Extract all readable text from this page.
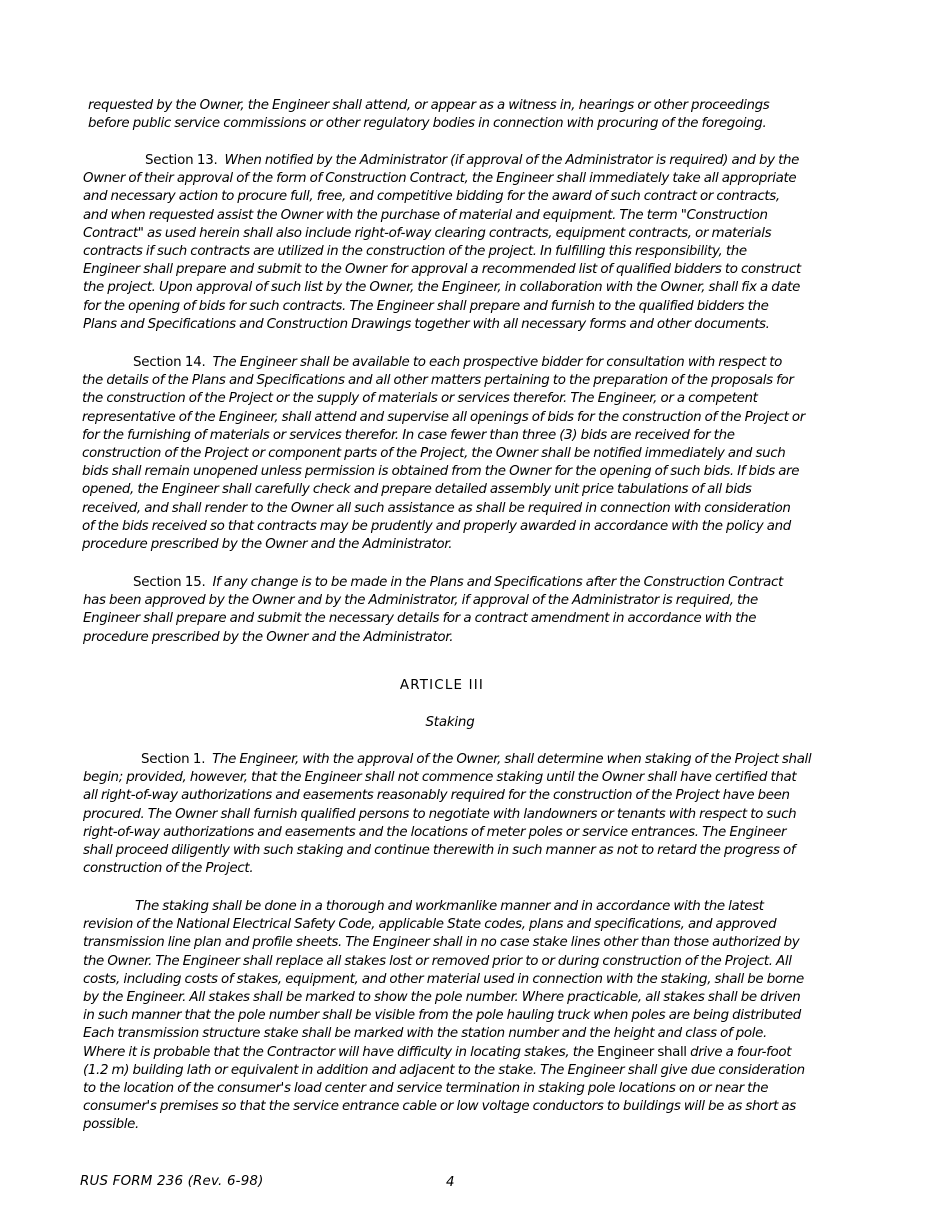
requested by the Owner, the Engineer shall attend, or appear as a witness in, hearings or other proceedings before public service commissions or other regulatory bodies in connection with procuring of the foregoing.

Section 13. When notified by the Administrator (if approval of the Administrator is required) and by the Owner of their approval of the form of Construction Contract, the Engineer shall immediately take all appropriate and necessary action to procure full, free, and competitive bidding for the award of such contract or contracts, and when requested assist the Owner with the purchase of material and equipment. The term "Construction Contract" as used herein shall also include right-of-way clearing contracts, equipment contracts, or materials contracts if such contracts are utilized in the construction of the project. In fulfilling this responsibility, the Engineer shall prepare and submit to the Owner for approval a recommended list of qualified bidders to construct the project. Upon approval of such list by the Owner, the Engineer, in collaboration with the Owner, shall fix a date for the opening of bids for such contracts. The Engineer shall prepare and furnish to the qualified bidders the Plans and Specifications and Construction Drawings together with all necessary forms and other documents.

Section 14. The Engineer shall be available to each prospective bidder for consultation with respect to the details of the Plans and Specifications and all other matters pertaining to the preparation of the proposals for the construction of the Project or the supply of materials or services therefor. The Engineer, or a competent representative of the Engineer, shall attend and supervise all openings of bids for the construction of the Project or for the furnishing of materials or services therefor. In case fewer than three (3) bids are received for the construction of the Project or component parts of the Project, the Owner shall be notified immediately and such bids shall remain unopened unless permission is obtained from the Owner for the opening of such bids. If bids are opened, the Engineer shall carefully check and prepare detailed assembly unit price tabulations of all bids received, and shall render to the Owner all such assistance as shall be required in connection with consideration of the bids received so that contracts may be prudently and properly awarded in accordance with the policy and procedure prescribed by the Owner and the Administrator.

Section 15. If any change is to be made in the Plans and Specifications after the Construction Contract has been approved by the Owner and by the Administrator, if approval of the Administrator is required, the Engineer shall prepare and submit the necessary details for a contract amendment in accordance with the procedure prescribed by the Owner and the Administrator.

ARTICLE III

Staking

Section 1. The Engineer, with the approval of the Owner, shall determine when staking of the Project shall begin; provided, however, that the Engineer shall not commence staking until the Owner shall have certified that all right-of-way authorizations and easements reasonably required for the construction of the Project have been procured. The Owner shall furnish qualified persons to negotiate with landowners or tenants with respect to such right-of-way authorizations and easements and the locations of meter poles or service entrances. The Engineer shall proceed diligently with such staking and continue therewith in such manner as not to retard the progress of construction of the Project.

The staking shall be done in a thorough and workmanlike manner and in accordance with the latest revision of the National Electrical Safety Code, applicable State codes, plans and specifications, and approved transmission line plan and profile sheets. The Engineer shall in no case stake lines other than those authorized by the Owner. The Engineer shall replace all stakes lost or removed prior to or during construction of the Project. All costs, including costs of stakes, equipment, and other material used in connection with the staking, shall be borne by the Engineer. All stakes shall be marked to show the pole number. Where practicable, all stakes shall be driven in such manner that the pole number shall be visible from the pole hauling truck when poles are being distributed Each transmission structure stake shall be marked with the station number and the height and class of pole. Where it is probable that the Contractor will have difficulty in locating stakes, the Engineer shall drive a four-foot (1.2 m) building lath or equivalent in addition and adjacent to the stake. The Engineer shall give due consideration to the location of the consumer's load center and service termination in staking pole locations on or near the consumer's premises so that the service entrance cable or low voltage conductors to buildings will be as short as possible.

RUS FORM 236 (Rev. 6-98)	4
